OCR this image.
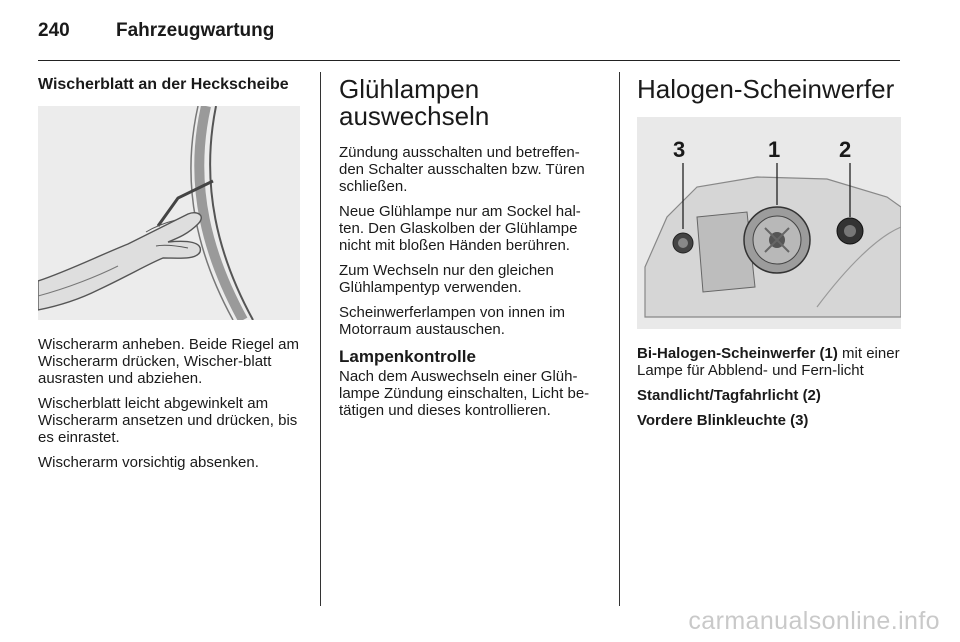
240 Fahrzeugwartung
Wischerblatt an der Heckscheibe

Wischerarm anheben. Beide Riegel am Wischerarm drücken, Wischer-blatt ausrasten und abziehen.

Wischerblatt leicht abgewinkelt am Wischerarm ansetzen und drücken, bis es einrastet.

Wischerarm vorsichtig absenken.

Glühlampen auswechseln

Zündung ausschalten und betreffen-den Schalter ausschalten bzw. Türen schließen.

Neue Glühlampe nur am Sockel hal-ten. Den Glaskolben der Glühlampe nicht mit bloßen Händen berühren.

Zum Wechseln nur den gleichen Glühlampentyp verwenden.

Scheinwerferlampen von innen im Motorraum austauschen.

Lampenkontrolle

Nach dem Auswechseln einer Glüh-lampe Zündung einschalten, Licht be-tätigen und dieses kontrollieren.

Halogen-Scheinwerfer
3	1	2

Bi-Halogen-Scheinwerfer (1) mit einer Lampe für Abblend- und Fern-licht

Standlicht/Tagfahrlicht (2)

Vordere Blinkleuchte (3)

carmanualsonline.info
